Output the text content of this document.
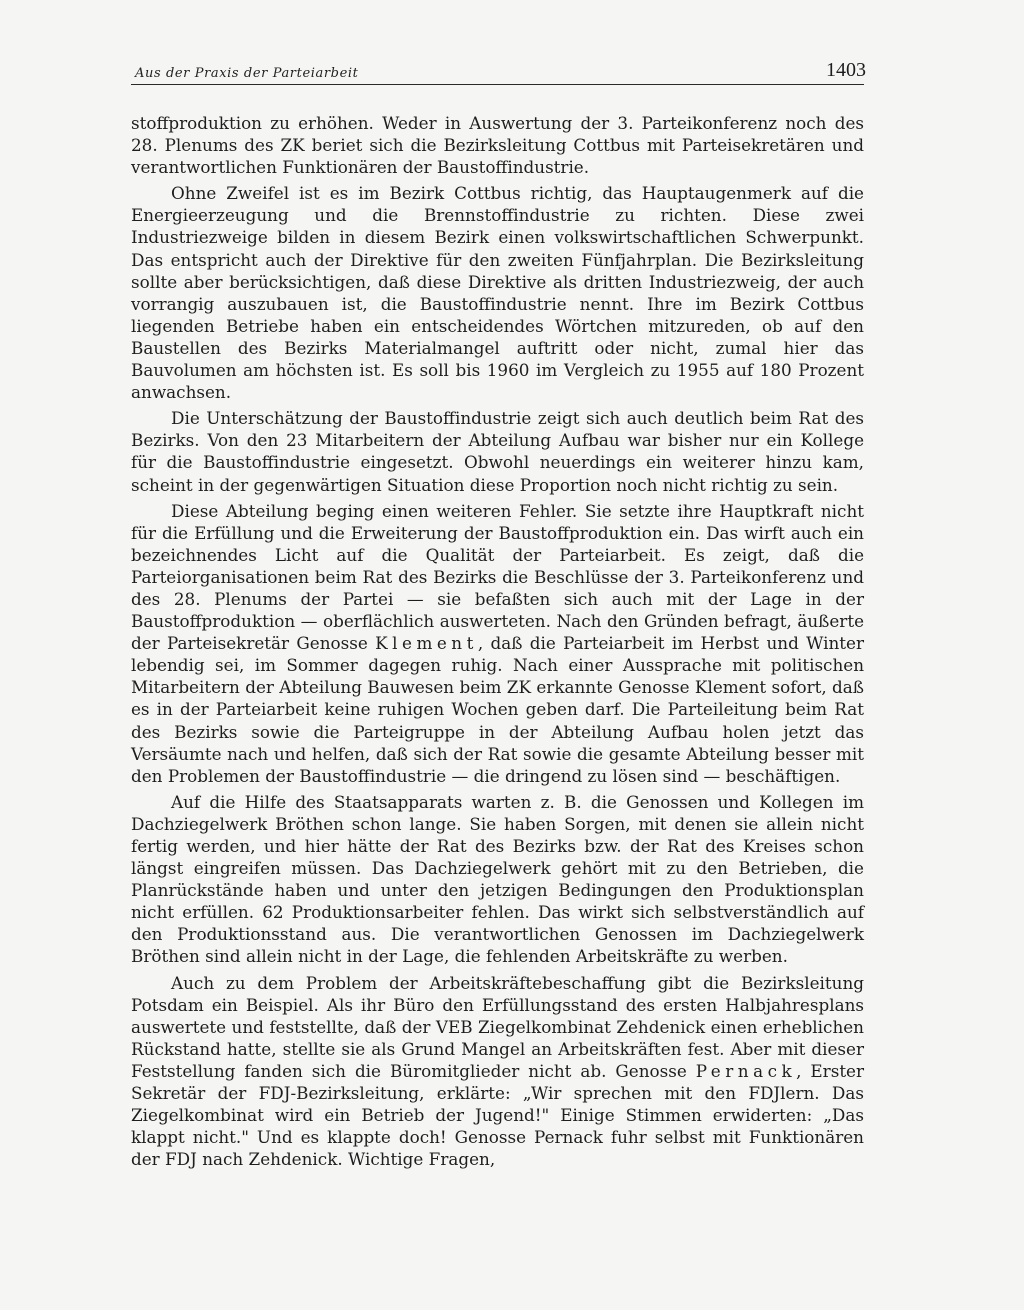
Aus der Praxis der Parteiarbeit	1403

stoffproduktion zu erhöhen. Weder in Auswertung der 3. Parteikonferenz noch des 28. Plenums des ZK beriet sich die Bezirksleitung Cottbus mit Parteisekretären und verantwortlichen Funktionären der Baustoffindustrie.

Ohne Zweifel ist es im Bezirk Cottbus richtig, das Hauptaugenmerk auf die Energieerzeugung und die Brennstoffindustrie zu richten. Diese zwei Industriezweige bilden in diesem Bezirk einen volkswirtschaftlichen Schwerpunkt. Das entspricht auch der Direktive für den zweiten Fünfjahrplan. Die Bezirksleitung sollte aber berücksichtigen, daß diese Direktive als dritten Industriezweig, der auch vorrangig auszubauen ist, die Baustoffindustrie nennt. Ihre im Bezirk Cottbus liegenden Betriebe haben ein entscheidendes Wörtchen mitzureden, ob auf den Baustellen des Bezirks Materialmangel auftritt oder nicht, zumal hier das Bauvolumen am höchsten ist. Es soll bis 1960 im Vergleich zu 1955 auf 180 Prozent anwachsen.

Die Unterschätzung der Baustoffindustrie zeigt sich auch deutlich beim Rat des Bezirks. Von den 23 Mitarbeitern der Abteilung Aufbau war bisher nur ein Kollege für die Baustoffindustrie eingesetzt. Obwohl neuerdings ein weiterer hinzu kam, scheint in der gegenwärtigen Situation diese Proportion noch nicht richtig zu sein.

Diese Abteilung beging einen weiteren Fehler. Sie setzte ihre Hauptkraft nicht für die Erfüllung und die Erweiterung der Baustoffproduktion ein. Das wirft auch ein bezeichnendes Licht auf die Qualität der Parteiarbeit. Es zeigt, daß die Parteiorganisationen beim Rat des Bezirks die Beschlüsse der 3. Parteikonferenz und des 28. Plenums der Partei — sie befaßten sich auch mit der Lage in der Baustoffproduktion — oberflächlich auswerteten. Nach den Gründen befragt, äußerte der Parteisekretär Genosse Klement, daß die Parteiarbeit im Herbst und Winter lebendig sei, im Sommer dagegen ruhig. Nach einer Aussprache mit politischen Mitarbeitern der Abteilung Bauwesen beim ZK erkannte Genosse Klement sofort, daß es in der Parteiarbeit keine ruhigen Wochen geben darf. Die Parteileitung beim Rat des Bezirks sowie die Parteigruppe in der Abteilung Aufbau holen jetzt das Versäumte nach und helfen, daß sich der Rat sowie die gesamte Abteilung besser mit den Problemen der Baustoffindustrie — die dringend zu lösen sind — beschäftigen.

Auf die Hilfe des Staatsapparats warten z. B. die Genossen und Kollegen im Dachziegelwerk Bröthen schon lange. Sie haben Sorgen, mit denen sie allein nicht fertig werden, und hier hätte der Rat des Bezirks bzw. der Rat des Kreises schon längst eingreifen müssen. Das Dachziegelwerk gehört mit zu den Betrieben, die Planrückstände haben und unter den jetzigen Bedingungen den Produktionsplan nicht erfüllen. 62 Produktionsarbeiter fehlen. Das wirkt sich selbstverständlich auf den Produktionsstand aus. Die verantwortlichen Genossen im Dachziegelwerk Bröthen sind allein nicht in der Lage, die fehlenden Arbeitskräfte zu werben.

Auch zu dem Problem der Arbeitskräftebeschaffung gibt die Bezirksleitung Potsdam ein Beispiel. Als ihr Büro den Erfüllungsstand des ersten Halbjahresplans auswertete und feststellte, daß der VEB Ziegelkombinat Zehdenick einen erheblichen Rückstand hatte, stellte sie als Grund Mangel an Arbeitskräften fest. Aber mit dieser Feststellung fanden sich die Büromitglieder nicht ab. Genosse Pernack, Erster Sekretär der FDJ-Bezirksleitung, erklärte: „Wir sprechen mit den FDJlern. Das Ziegelkombinat wird ein Betrieb der Jugend!" Einige Stimmen erwiderten: „Das klappt nicht." Und es klappte doch! Genosse Pernack fuhr selbst mit Funktionären der FDJ nach Zehdenick. Wichtige Fragen,
